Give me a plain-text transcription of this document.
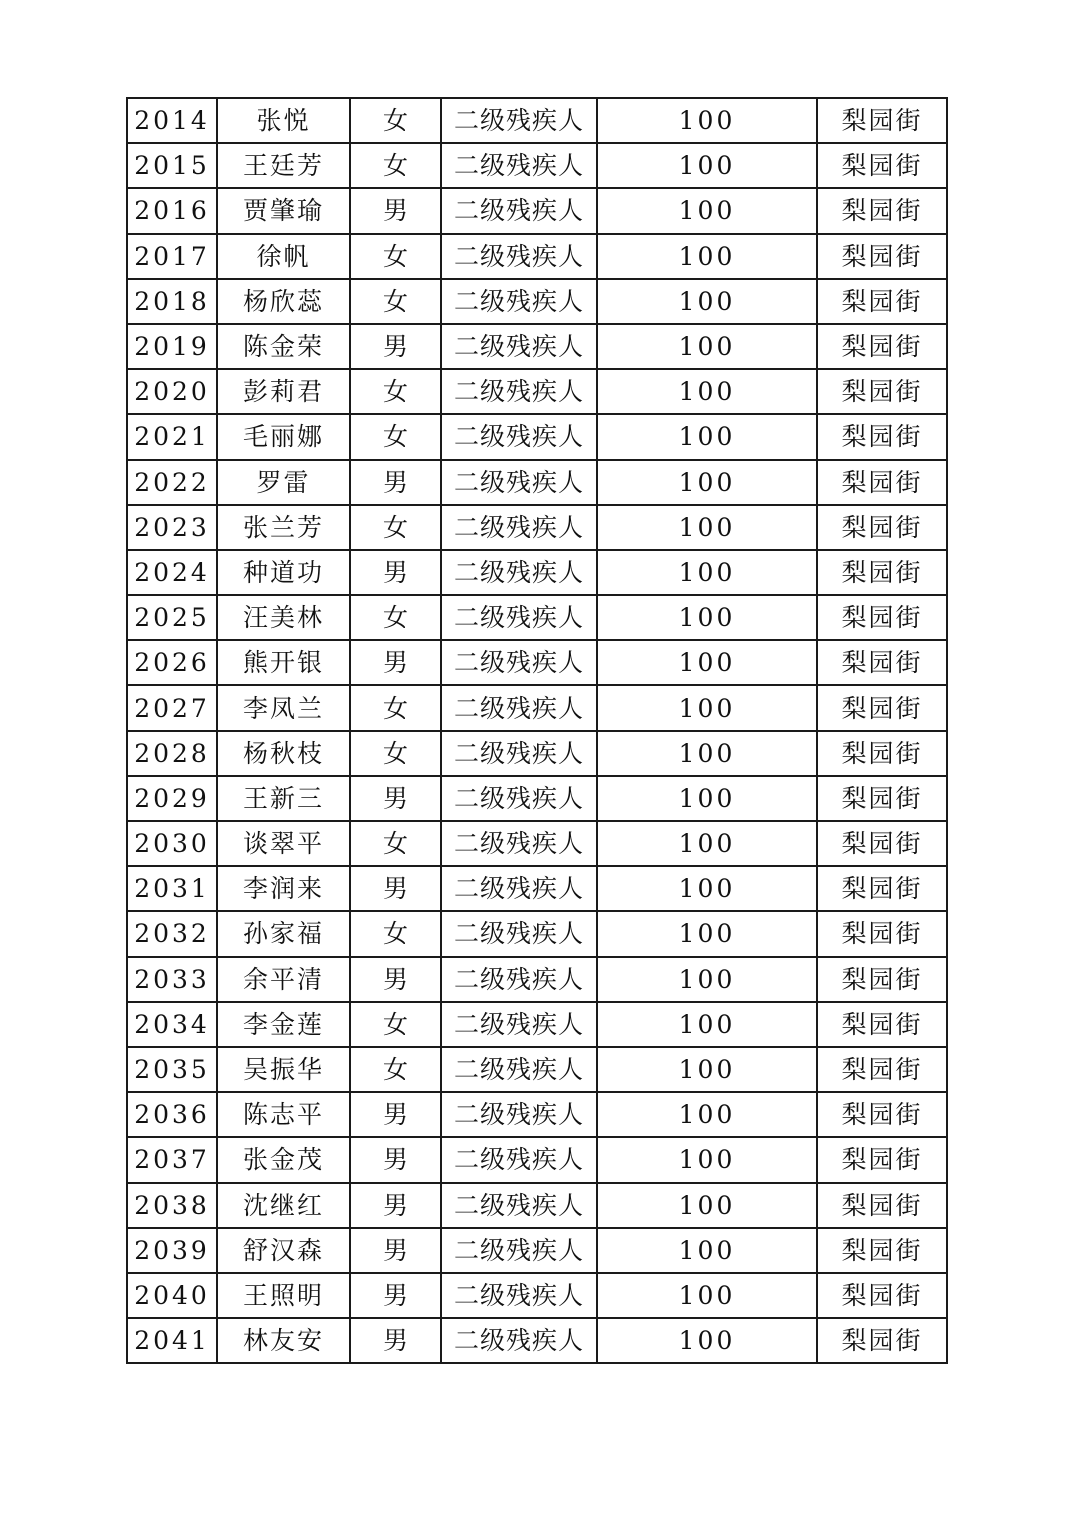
2014	张悦	女	二级残疾人	100	梨园街
2015	王廷芳	女	二级残疾人	100	梨园街
2016	贾肇瑜	男	二级残疾人	100	梨园街
2017	徐帆	女	二级残疾人	100	梨园街
2018	杨欣蕊	女	二级残疾人	100	梨园街
2019	陈金荣	男	二级残疾人	100	梨园街
2020	彭莉君	女	二级残疾人	100	梨园街
2021	毛丽娜	女	二级残疾人	100	梨园街
2022	罗雷	男	二级残疾人	100	梨园街
2023	张兰芳	女	二级残疾人	100	梨园街
2024	种道功	男	二级残疾人	100	梨园街
2025	汪美林	女	二级残疾人	100	梨园街
2026	熊开银	男	二级残疾人	100	梨园街
2027	李凤兰	女	二级残疾人	100	梨园街
2028	杨秋枝	女	二级残疾人	100	梨园街
2029	王新三	男	二级残疾人	100	梨园街
2030	谈翠平	女	二级残疾人	100	梨园街
2031	李润来	男	二级残疾人	100	梨园街
2032	孙家福	女	二级残疾人	100	梨园街
2033	余平清	男	二级残疾人	100	梨园街
2034	李金莲	女	二级残疾人	100	梨园街
2035	吴振华	女	二级残疾人	100	梨园街
2036	陈志平	男	二级残疾人	100	梨园街
2037	张金茂	男	二级残疾人	100	梨园街
2038	沈继红	男	二级残疾人	100	梨园街
2039	舒汉森	男	二级残疾人	100	梨园街
2040	王照明	男	二级残疾人	100	梨园街
2041	林友安	男	二级残疾人	100	梨园街
